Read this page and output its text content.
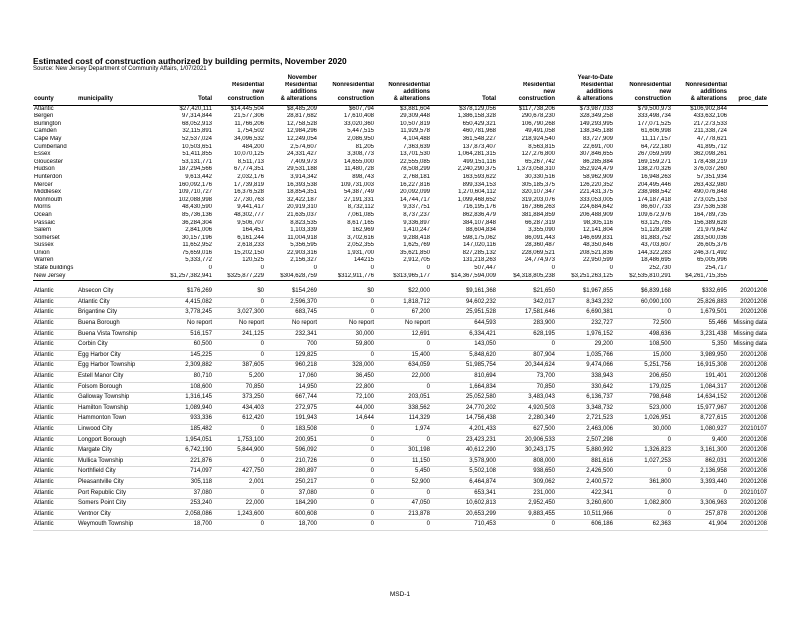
Estimated cost of construction authorized by building permits, November 2020
Source: New Jersey Department of Community Affairs, 1/07/2021
				November					Year-to-Date			
county	municipality	Total	Residential
new
construction	Residential
additions
& alterations	Nonresidential
new
construction	Nonresidential
additions
& alterations	Total	Residential
new
construction	Residential
additions
& alterations	Nonresidential
new
construction	Nonresidential
additions
& alterations	proc_date
Atlantic		$27,420,111	$14,445,504	$8,485,209	$607,794	$3,881,604	$378,129,056	$117,738,206	$73,987,033	$79,500,973	$106,902,844	
Bergen		97,314,844	21,577,306	28,817,682	17,610,408	29,309,448	1,386,158,328	290,678,230	328,349,258	333,498,734	433,632,106	
Burlington		68,052,913	11,766,206	12,758,528	33,020,360	10,507,819	650,429,321	106,790,268	149,293,995	177,071,525	217,273,533	
Camden		32,115,891	1,754,502	12,984,296	5,447,515	11,929,578	460,781,968	49,491,058	138,345,188	61,606,998	211,338,724	
Cape May		52,537,024	34,096,532	12,249,054	2,086,950	4,104,488	361,548,227	218,924,540	83,727,909	11,117,157	47,778,621	
Cumberland		10,503,651	484,200	2,574,607	81,205	7,363,639	137,873,407	8,563,815	22,691,700	64,722,180	41,895,712	
Essex		51,411,855	10,070,125	24,331,427	3,308,773	13,701,530	1,064,281,315	127,276,800	307,846,655	267,059,599	362,098,261	
Gloucester		53,131,771	8,511,713	7,409,973	14,655,000	22,555,085	499,151,116	65,267,742	86,285,884	169,159,271	178,438,219	
Hudson		187,294,566	67,774,351	29,531,188	11,480,728	78,508,299	2,240,290,375	1,373,058,310	352,924,479	138,270,326	376,037,260	
Hunterdon		9,613,442	2,032,176	3,914,342	898,743	2,768,181	163,593,622	30,330,516	58,962,909	16,948,263	57,351,934	
Mercer		160,092,176	17,739,819	16,393,538	109,731,003	16,227,816	899,334,153	305,185,375	126,220,352	204,495,446	263,432,980	
Middlesex		109,710,727	16,376,528	18,854,351	54,387,749	20,092,099	1,270,604,112	320,107,347	221,431,375	238,988,542	490,076,848	
Monmouth		102,088,998	27,730,763	32,422,187	27,191,331	14,744,717	1,099,468,652	319,203,076	333,053,005	174,187,418	273,025,153	
Morris		48,430,590	9,441,417	20,919,310	8,732,112	9,337,751	716,195,176	167,366,263	224,684,642	86,607,733	237,536,538	
Ocean		85,736,136	48,302,777	21,635,037	7,061,085	8,737,237	862,836,479	381,884,859	206,488,909	109,672,976	164,789,735	
Passaic		36,284,304	9,506,707	8,823,535	8,617,165	9,336,897	384,107,848	66,287,319	98,305,116	63,125,785	156,389,628	
Salem		2,841,006	164,451	1,103,339	162,969	1,410,247	88,604,834	3,355,090	12,141,804	51,128,298	21,979,642	
Somerset		30,157,196	6,161,244	11,004,918	3,702,616	9,288,418	598,175,062	86,091,443	146,699,831	81,883,752	283,500,036	
Sussex		11,652,952	2,618,233	5,356,595	2,052,355	1,625,769	147,020,116	28,360,487	48,350,646	43,703,607	26,605,376	
Union		75,659,016	15,202,150	22,903,316	1,931,700	35,621,850	827,285,132	228,069,521	208,521,836	144,322,283	246,371,492	
Warren		5,333,772	120,525	2,156,327	144215	2,912,705	131,218,263	24,774,973	22,950,599	18,486,695	65,005,996	
State buildings		0	0	0	0	0	507,447	0	0	252,730	254,717	
New Jersey		$1,257,382,941	$325,877,229	$304,628,759	$312,911,776	$313,965,177	$14,367,594,009	$4,318,805,238	$3,251,263,125	$2,535,810,291	$4,261,715,355	

Atlantic	Absecon City	$176,269	$0	$154,269	$0	$22,000	$9,161,368	$21,650	$1,967,855	$6,839,168	$332,695	20201208
Atlantic	Atlantic City	4,415,082	0	2,596,370	0	1,818,712	94,602,232	342,017	8,343,232	60,090,100	25,826,883	20201208
Atlantic	Brigantine City	3,778,245	3,027,300	683,745	0	67,200	25,951,528	17,581,646	6,690,381	0	1,679,501	20201208
Atlantic	Buena Borough	No report	No report	No report	No report	No report	644,593	283,900	232,727	72,500	55,466	Missing data
Atlantic	Buena Vista Township	516,157	241,125	232,341	30,000	12,691	6,334,421	628,195	1,976,152	498,636	3,231,438	Missing data
Atlantic	Corbin City	60,500	0	700	59,800	0	143,050	0	29,200	108,500	5,350	Missing data
Atlantic	Egg Harbor City	145,225	0	129,825	0	15,400	5,848,620	807,904	1,035,766	15,000	3,989,950	20201208
Atlantic	Egg Harbor Township	2,309,882	387,605	960,218	328,000	634,059	51,985,754	20,344,624	9,474,066	5,251,756	16,915,308	20201208
Atlantic	Estell Manor City	80,710	5,200	17,060	36,450	22,000	810,694	73,700	338,943	206,650	191,401	20201208
Atlantic	Folsom Borough	108,600	70,850	14,950	22,800	0	1,664,834	70,850	330,642	179,025	1,084,317	20201208
Atlantic	Galloway Township	1,316,145	373,250	667,744	72,100	203,051	25,052,580	3,483,043	6,136,737	798,648	14,634,152	20201208
Atlantic	Hamilton Township	1,089,940	434,403	272,975	44,000	338,562	24,770,202	4,920,503	3,348,732	523,000	15,977,967	20201208
Atlantic	Hammonton Town	933,336	612,420	191,943	14,644	114,329	14,756,438	2,280,349	2,721,523	1,026,951	8,727,615	20201208
Atlantic	Linwood City	185,482	0	183,508	0	1,974	4,201,433	627,500	2,463,006	30,000	1,080,927	20210107
Atlantic	Longport Borough	1,954,051	1,753,100	200,951	0	0	23,423,231	20,906,533	2,507,298	0	9,400	20201208
Atlantic	Margate City	6,742,190	5,844,900	596,092	0	301,198	40,612,290	30,243,175	5,880,992	1,326,823	3,161,300	20201208
Atlantic	Mullica Township	221,876	0	210,726	0	11,150	3,578,900	808,000	881,616	1,027,253	862,031	20201208
Atlantic	Northfield City	714,097	427,750	280,897	0	5,450	5,502,108	938,650	2,426,500	0	2,136,958	20201208
Atlantic	Pleasantville City	305,118	2,001	250,217	0	52,900	6,464,874	309,062	2,400,572	361,800	3,393,440	20201208
Atlantic	Port Republic City	37,080	0	37,080	0	0	653,341	231,000	422,341	0	0	20210107
Atlantic	Somers Point City	253,240	22,000	184,290	0	47,050	10,602,813	2,952,450	3,260,600	1,082,800	3,306,963	20201208
Atlantic	Ventnor City	2,058,086	1,243,600	600,608	0	213,878	20,653,299	9,883,455	10,511,966	0	257,878	20201208
Atlantic	Weymouth Township	18,700	0	18,700	0	0	710,453	0	606,186	62,363	41,904	20201208
MSD-1
